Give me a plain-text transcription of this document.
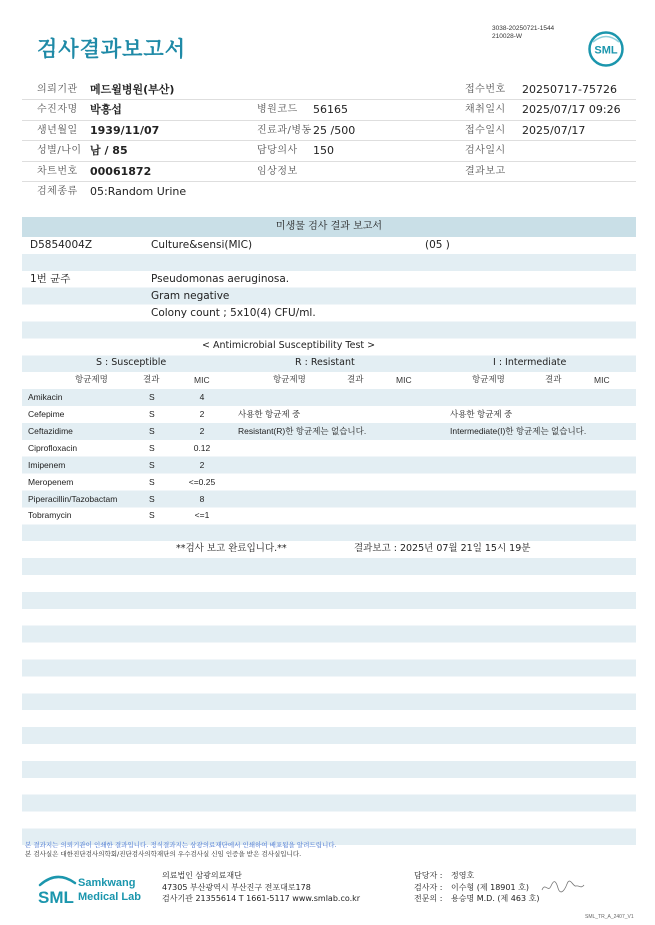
3038-20250721-1544
210028-W
SML
검사결과보고서
의뢰기관 메드윌병원(부산)	접수번호 20250717-75726
수진자명 박흥섭	병원코드 56165	채취일시 2025/07/17 09:26
생년월일 1939/11/07	진료과/병동 25 /500	접수일시 2025/07/17
성별/나이 남 / 85	담당의사 150	검사일시
차트번호 00061872	임상정보	결과보고
검체종류 05:Random Urine
미생물 검사 결과 보고서
D5854004Z	Culture&sensi(MIC)	(05 )
1번 균주	Pseudomonas aeruginosa.
Gram negative
Colony count ; 5x10(4) CFU/ml.
< Antimicrobial Susceptibility Test >
S : Susceptible	R : Resistant	I : Intermediate
항균제명	결과	MIC	항균제명	결과	MIC	항균제명	결과	MIC
Amikacin	S	4
Cefepime	S	2	사용한 항균제 중	사용한 항균제 중
Ceftazidime	S	2	Resistant(R)한 항균제는 없습니다.	Intermediate(I)한 항균제는 없습니다.
Ciprofloxacin	S	0.12
Imipenem	S	2
Meropenem	S	<=0.25
Piperacillin/Tazobactam	S	8
Tobramycin	S	<=1
**검사 보고 완료입니다.**	결과보고 : 2025년 07월 21일 15시 19분
본 결과지는 의뢰기관이 인쇄한 결과입니다. 정식결과지는 삼광의료재단에서 인쇄하여 배포됨을 알려드립니다.
본 검사실은 대한진단검사의학회/진단검사의학재단의 우수검사실 신임 인증을 받은 검사실입니다.
SML
Samkwang
Medical Lab
의료법인 삼광의료재단
47305 부산광역시 부산진구 전포대로178
검사기관 21355614 T 1661-5117 www.smlab.co.kr
담당자 : 정영호
검사자 : 이수형 (제 18901 호)
전문의 : 용승명 M.D. (제 463 호)
SML_TR_A_2407_V1
